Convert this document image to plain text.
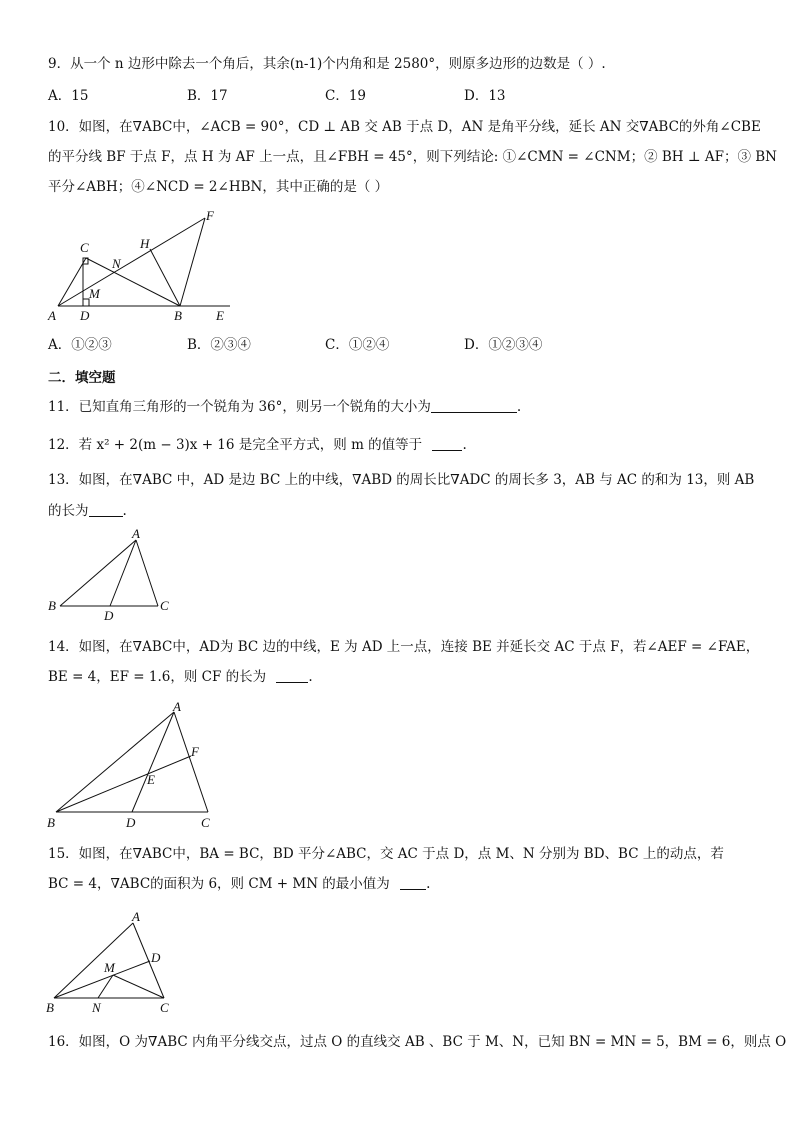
9．从一个 n 边形中除去一个角后，其余(n-1)个内角和是 2580°，则原多边形的边数是（ ）.
A．15	B．17	C．19	D．13
10．如图，在∇ABC中，∠ACB = 90°，CD ⊥ AB 交 AB 于点 D，AN 是角平分线，延长 AN 交∇ABC的外角∠CBE
的平分线 BF 于点 F，点 H 为 AF 上一点，且∠FBH = 45°，则下列结论: ①∠CMN = ∠CNM；② BH ⊥ AF；③ BN
平分∠ABH；④∠NCD = 2∠HBN，其中正确的是（ ）
C
N
H
F
M
A D	B	E
A．①②③	B．②③④	C．①②④	D．①②③④
二．填空题
11．已知直角三角形的一个锐角为 36°，则另一个锐角的大小为	.
12．若 x² + 2(m − 3)x + 16 是完全平方式，则 m 的值等于	.
13．如图，在∇ABC 中，AD 是边 BC 上的中线，∇ABD 的周长比∇ADC 的周长多 3，AB 与 AC 的和为 13，则 AB
的长为	.
A
B
D
C
14．如图，在∇ABC中，AD为 BC 边的中线，E 为 AD 上一点，连接 BE 并延长交 AC 于点 F，若∠AEF = ∠FAE，
BE = 4，EF = 1.6，则 CF 的长为	.
A
F
E
B	D	C
15．如图，在∇ABC中，BA = BC，BD 平分∠ABC，交 AC 于点 D，点 M、N 分别为 BD、BC 上的动点，若
BC = 4，∇ABC的面积为 6，则 CM + MN 的最小值为	.
A
D
M
B	N	C
16．如图，O 为∇ABC 内角平分线交点，过点 O 的直线交 AB 、BC 于 M、N，已知 BN = MN = 5，BM = 6，则点 O
